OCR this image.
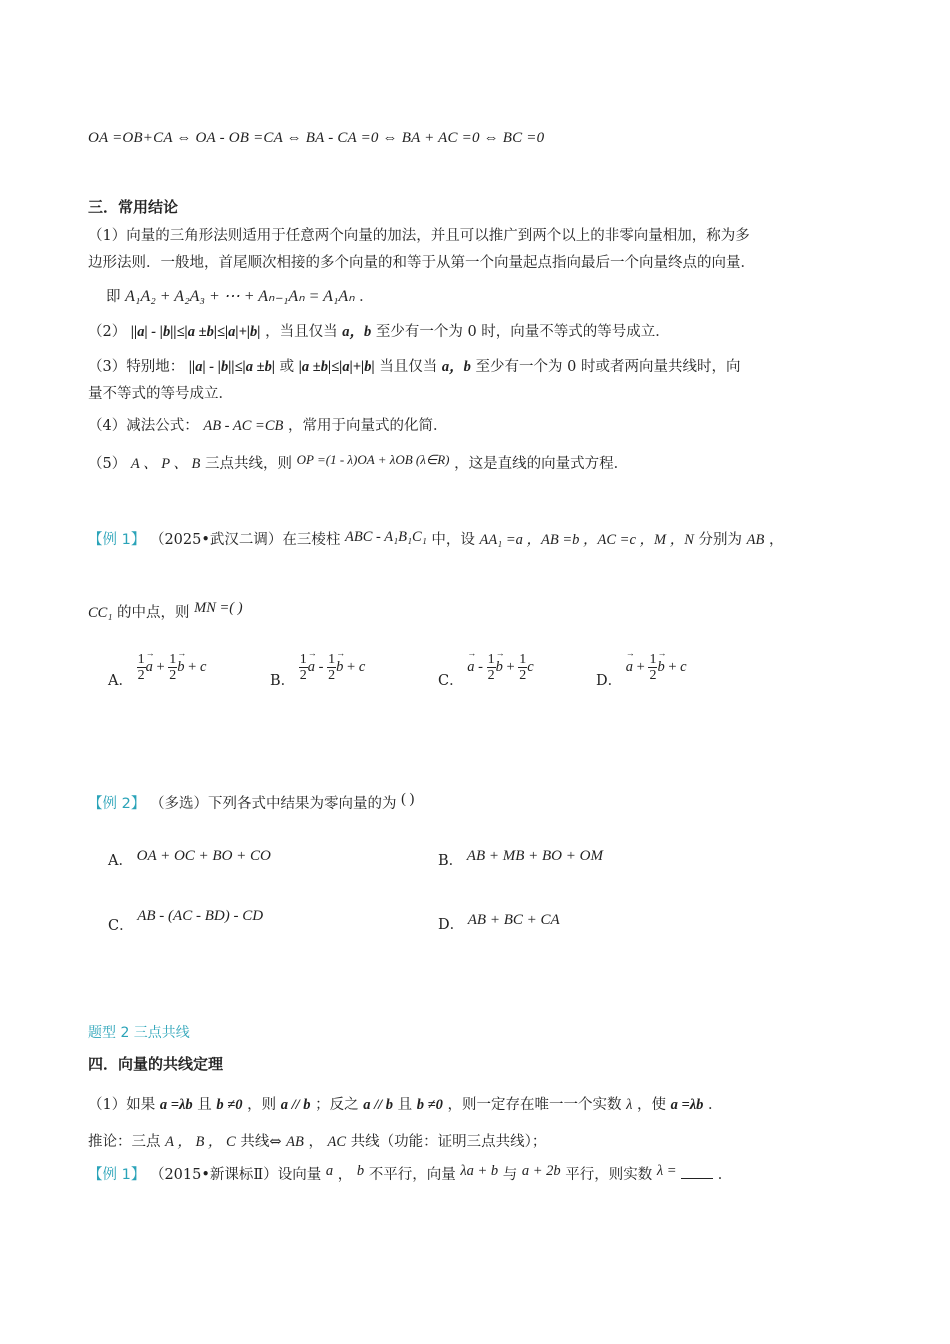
OA =OB+CA ⇔ OA - OB =CA ⇔ BA - CA =0 ⇔ BA + AC =0 ⇔ BC =0
三．常用结论
（1）向量的三角形法则适用于任意两个向量的加法，并且可以推广到两个以上的非零向量相加，称为多
边形法则．一般地，首尾顺次相接的多个向量的和等于从第一个向量起点指向最后一个向量终点的向量．
即 A₁A₂ + A₂A₃ + ⋯ + Aₙ₋₁Aₙ = A₁Aₙ ．
（2） ||a| - |b||≤|a ±b|≤|a|+|b| ，当且仅当 a，b 至少有一个为 0 时，向量不等式的等号成立．
（3）特别地： ||a| - |b||≤|a ±b| 或 |a ±b|≤|a|+|b| 当且仅当 a，b 至少有一个为 0 时或者两向量共线时，向
量不等式的等号成立．
（4）减法公式： AB - AC =CB ，常用于向量式的化简．
（5） A 、 P 、 B 三点共线，则 OP =(1 - λ)OA + λOB (λ∈R) ，这是直线的向量式方程．
【例 1】 （2025•武汉二调）在三棱柱 ABC - A₁B₁C₁ 中，设 AA₁ =a ，AB =b ，AC =c ，M ，N 分别为 AB ，
CC₁ 的中点，则 MN =( )
A． $\frac{1}{2}$
→ $a + \frac{1}{2}$
→ b + c
B． $\frac{1}{2}$
→ a - $\frac{1}{2}$
→ b + c
C． → a - $\frac{1}{2}$
→ $b + \frac{1}{2}$ c
D． → $a + \frac{1}{2}$
→ b + c
【例 2】 （多选）下列各式中结果为零向量的为 ( )
A． OA + OC + BO + CO	B． AB + MB + BO + OM
C． AB - (AC - BD) - CD
D． AB + BC + CA
题型 2 三点共线
四．向量的共线定理
（1）如果 a =λb 且 b ≠0 ，则 a // b ；反之 a // b 且 b ≠0 ，则一定存在唯一一个实数 λ ，使 a =λb ．
推论：三点 A ， B ， C 共线⇔ AB ， AC 共线（功能：证明三点共线）；
【例 1】 （2015•新课标Ⅱ）设向量 a ， b 不平行，向量 λa + b 与 a + 2b 平行，则实数 λ =	．
